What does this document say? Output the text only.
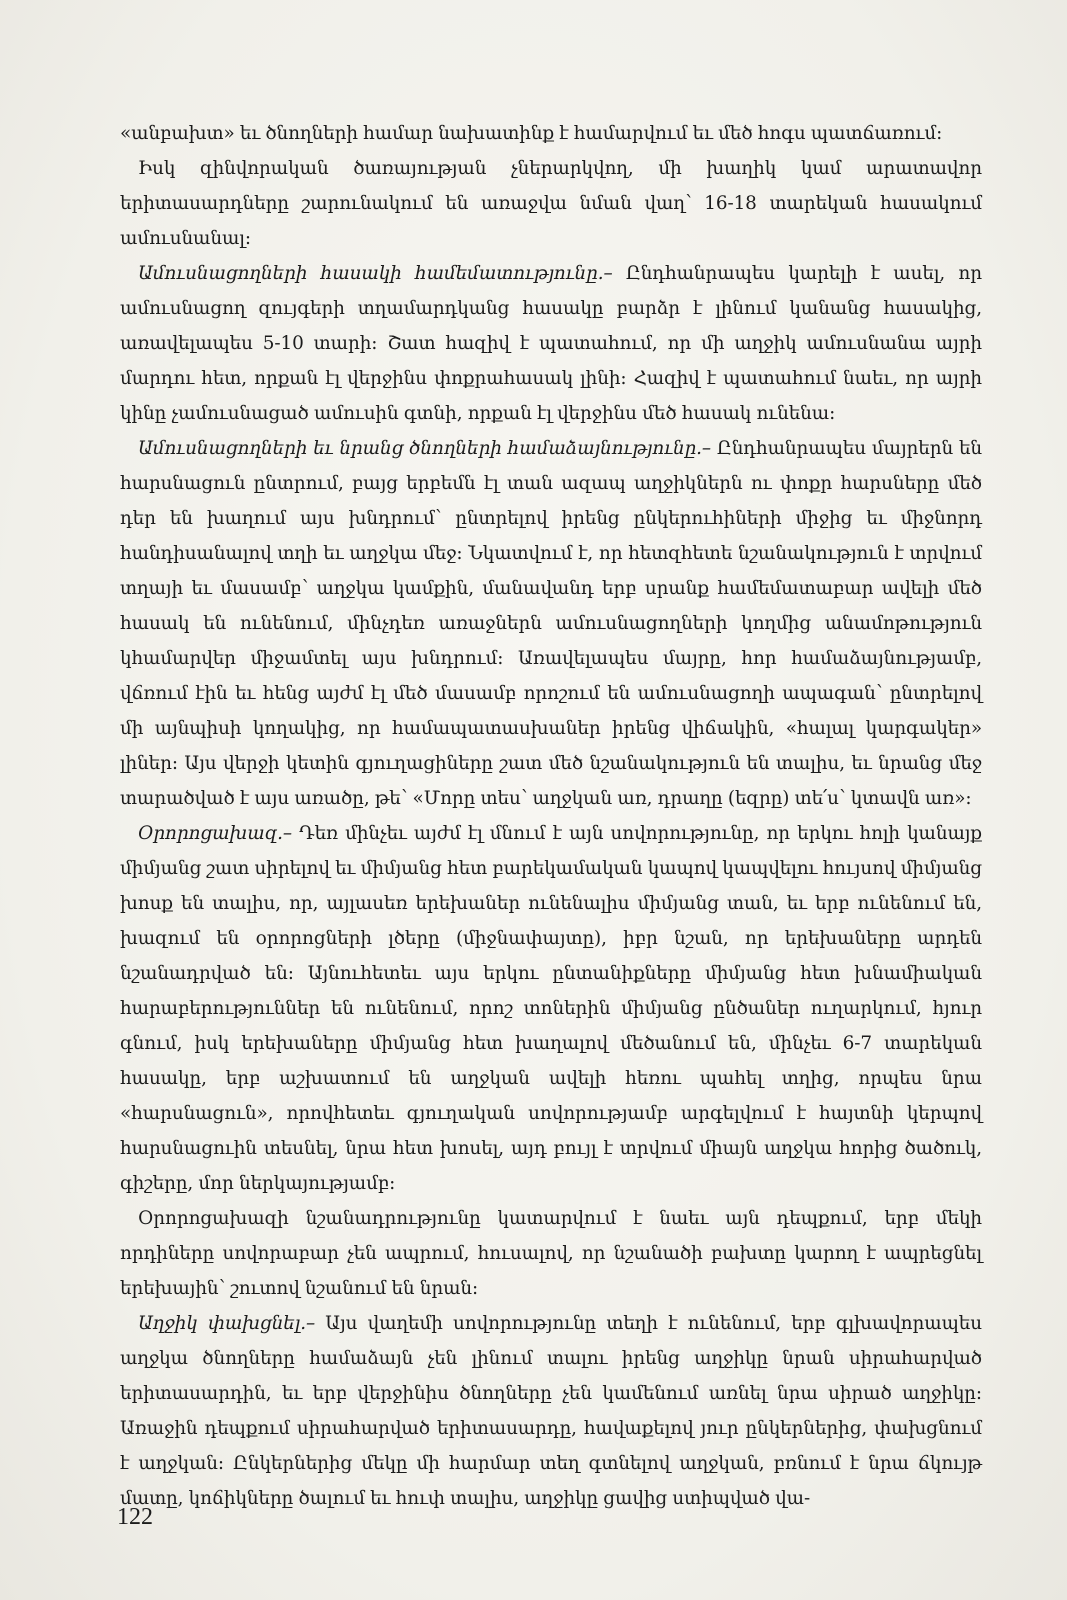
«անբախտ» եւ ծնողների համար նախատինք է համարվում եւ մեծ հոգս պատճառում:

Իսկ զինվորական ծառայության չներարկվող, մի խաղիկ կամ արատավոր երիտասարդները շարունակում են առաջվա նման վաղ՝ 16-18 տարեկան հասակում ամուսնանալ:

Ամուսնացողների հասակի համեմատությունը.– Ընդհանրապես կարելի է ասել, որ ամուսնացող զույգերի տղամարդկանց հասակը բարձր է լինում կանանց հասակից, առավելապես 5-10 տարի: Շատ հազիվ է պատահում, որ մի աղջիկ ամուսնանա այրի մարդու հետ, որքան էլ վերջինս փոքրահասակ լինի: Հազիվ է պատահում նաեւ, որ այրի կինը չամուսնացած ամուսին գտնի, որքան էլ վերջինս մեծ հասակ ունենա:

Ամուսնացողների եւ նրանց ծնողների համաձայնությունը.– Ընդհանրապես մայրերն են հարսնացուն ընտրում, բայց երբեմն էլ տան ազապ աղջիկներն ու փոքր հարսները մեծ դեր են խաղում այս խնդրում՝ ընտրելով իրենց ընկերուհիների միջից եւ միջնորդ հանդիսանալով տղի եւ աղջկա մեջ: Նկատվում է, որ հետզհետե նշանակություն է տրվում տղայի եւ մասամբ՝ աղջկա կամքին, մանավանդ երբ սրանք համեմատաբար ավելի մեծ հասակ են ունենում, մինչդեռ առաջներն ամուսնացողների կողմից անամոթություն կհամարվեր միջամտել այս խնդրում: Առավելապես մայրը, հոր համաձայնությամբ, վճռում էին եւ հենց այժմ էլ մեծ մասամբ որոշում են ամուսնացողի ապագան՝ ընտրելով մի այնպիսի կողակից, որ համապատասխաներ իրենց վիճակին, «հալալ կարգակեր» լիներ: Այս վերջի կետին գյուղացիները շատ մեծ նշանակություն են տալիս, եւ նրանց մեջ տարածված է այս առածը, թե՝ «Մորը տես՝ աղջկան առ, դրաղը (եզրը) տե՛ս՝ կտավն առ»:

Օրորոցախազ.– Դեռ մինչեւ այժմ էլ մնում է այն սովորությունը, որ երկու հոլի կանայք միմյանց շատ սիրելով եւ միմյանց հետ բարեկամական կապով կապվելու հույսով միմյանց խոսք են տալիս, որ, այլասեռ երեխաներ ունենալիս միմյանց տան, եւ երբ ունենում են, խազում են օրորոցների լծերը (միջնափայտը), իբր նշան, որ երեխաները արդեն նշանադրված են: Այնուհետեւ այս երկու ընտանիքները միմյանց հետ խնամիական հարաբերություններ են ունենում, որոշ տոներին միմյանց ընծաներ ուղարկում, հյուր գնում, իսկ երեխաները միմյանց հետ խաղալով մեծանում են, մինչեւ 6-7 տարեկան հասակը, երբ աշխատում են աղջկան ավելի հեռու պահել տղից, որպես նրա «հարսնացուն», որովհետեւ գյուղական սովորությամբ արգելվում է հայտնի կերպով հարսնացուին տեսնել, նրա հետ խոսել, այդ բույլ է տրվում միայն աղջկա հորից ծածուկ, գիշերը, մոր ներկայությամբ:

Օրորոցախազի նշանադրությունը կատարվում է նաեւ այն դեպքում, երբ մեկի որդիները սովորաբար չեն ապրում, հուսալով, որ նշանածի բախտը կարող է ապրեցնել երեխային՝ շուտով նշանում են նրան:

Աղջիկ փախցնել.– Այս վաղեմի սովորությունը տեղի է ունենում, երբ գլխավորապես աղջկա ծնողները համաձայն չեն լինում տալու իրենց աղջիկը նրան սիրահարված երիտասարդին, եւ երբ վերջինիս ծնողները չեն կամենում առնել նրա սիրած աղջիկը: Առաջին դեպքում սիրահարված երիտասարդը, հավաքելով յուր ընկերներից, փախցնում է աղջկան: Ընկերներից մեկը մի հարմար տեղ գտնելով աղջկան, բռնում է նրա ճկույթ մատը, կոճիկները ծալում եւ հուփ տալիս, աղջիկը ցավից ստիպված վա-

122
